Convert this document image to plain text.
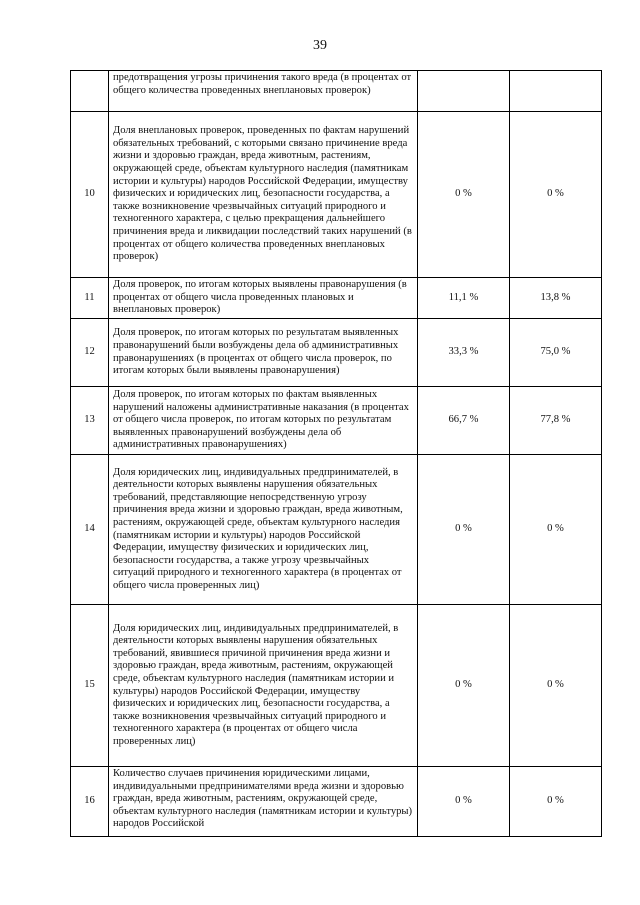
39
	предотвращения угрозы причинения такого вреда (в процентах от общего количества проведенных внеплановых проверок)		
10	Доля внеплановых проверок, проведенных по фактам нарушений обязательных требований, с которыми связано причинение вреда жизни и здоровью граждан, вреда животным, растениям, окружающей среде, объектам культурного наследия (памятникам истории и культуры) народов Российской Федерации, имуществу физических и юридических лиц, безопасности государства, а также возникновение чрезвычайных ситуаций природного и техногенного характера, с целью прекращения дальнейшего причинения вреда и ликвидации последствий таких нарушений (в процентах от общего количества проведенных внеплановых проверок)	0 %	0 %
11	Доля проверок, по итогам которых выявлены правонарушения (в процентах от общего числа проведенных плановых и внеплановых проверок)	11,1 %	13,8 %
12	Доля проверок, по итогам которых по результатам выявленных правонарушений были возбуждены дела об административных правонарушениях (в процентах от общего числа проверок, по итогам которых были выявлены правонарушения)	33,3 %	75,0 %
13	Доля проверок, по итогам которых по фактам выявленных нарушений наложены административные наказания (в процентах от общего числа проверок, по итогам которых по результатам выявленных правонарушений возбуждены дела об административных правонарушениях)	66,7 %	77,8 %
14	Доля юридических лиц, индивидуальных предпринимателей, в деятельности которых выявлены нарушения обязательных требований, представляющие непосредственную угрозу причинения вреда жизни и здоровью граждан, вреда животным, растениям, окружающей среде, объектам культурного наследия (памятникам истории и культуры) народов Российской Федерации, имуществу физических и юридических лиц, безопасности государства, а также угрозу чрезвычайных ситуаций природного и техногенного характера (в процентах от общего числа проверенных лиц)	0 %	0 %
15	Доля юридических лиц, индивидуальных предпринимателей, в деятельности которых выявлены нарушения обязательных требований, явившиеся причиной причинения вреда жизни и здоровью граждан, вреда животным, растениям, окружающей среде, объектам культурного наследия (памятникам истории и культуры) народов Российской Федерации, имуществу физических и юридических лиц, безопасности государства, а также возникновения чрезвычайных ситуаций природного и техногенного характера (в процентах от общего числа проверенных лиц)	0 %	0 %
16	Количество случаев причинения юридическими лицами, индивидуальными предпринимателями вреда жизни и здоровью граждан, вреда животным, растениям, окружающей среде, объектам культурного наследия (памятникам истории и культуры) народов Российской	0 %	0 %
